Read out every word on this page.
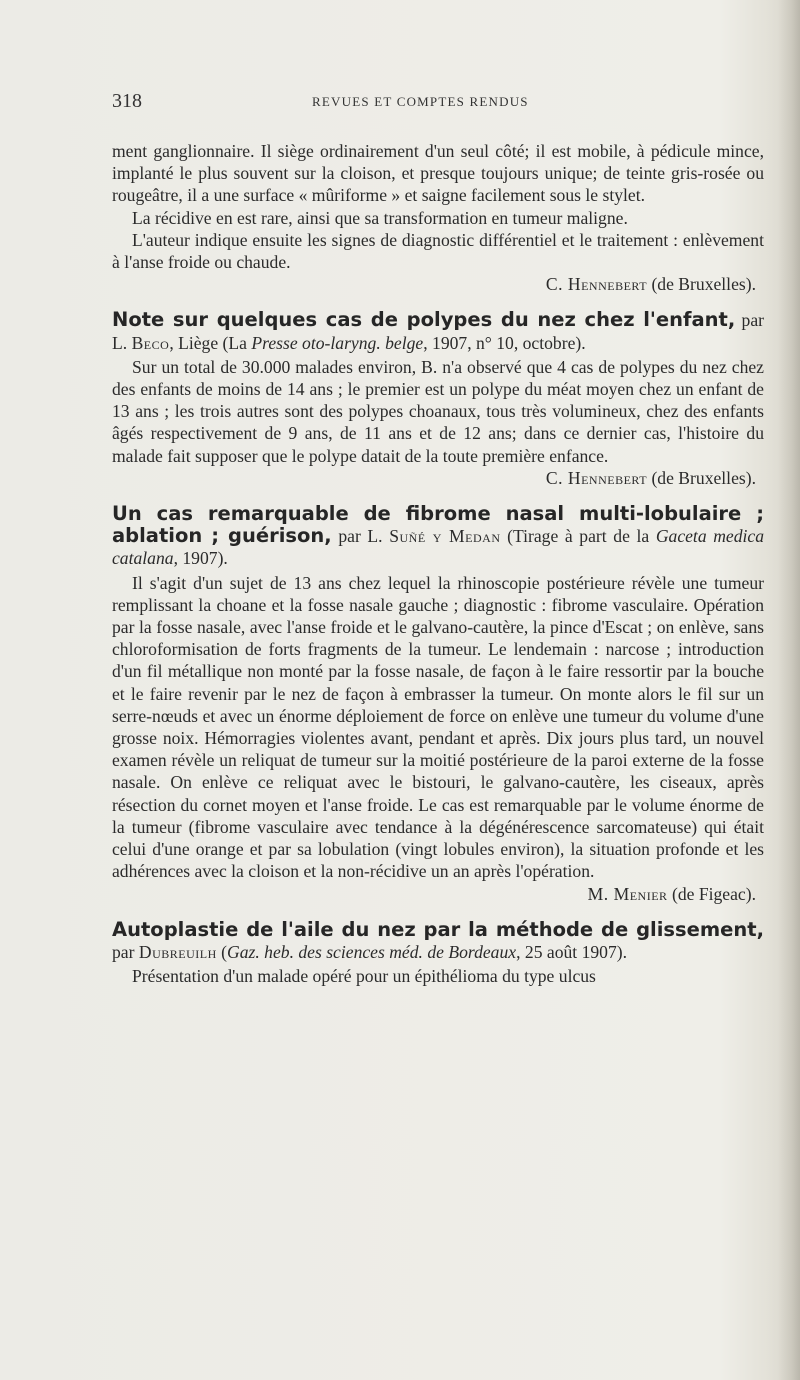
318	REVUES ET COMPTES RENDUS

ment ganglionnaire. Il siège ordinairement d'un seul côté; il est mobile, à pédicule mince, implanté le plus souvent sur la cloison, et presque toujours unique; de teinte gris-rosée ou rougeâtre, il a une surface « mûriforme » et saigne facilement sous le stylet.

La récidive en est rare, ainsi que sa transformation en tumeur maligne.

L'auteur indique ensuite les signes de diagnostic différentiel et le traitement : enlèvement à l'anse froide ou chaude.

C. Hennebert (de Bruxelles).

Note sur quelques cas de polypes du nez chez l'enfant, par L. Beco, Liège (La Presse oto-laryng. belge, 1907, n° 10, octobre).

Sur un total de 30.000 malades environ, B. n'a observé que 4 cas de polypes du nez chez des enfants de moins de 14 ans ; le premier est un polype du méat moyen chez un enfant de 13 ans ; les trois autres sont des polypes choanaux, tous très volumineux, chez des enfants âgés respectivement de 9 ans, de 11 ans et de 12 ans; dans ce dernier cas, l'histoire du malade fait supposer que le polype datait de la toute première enfance.

C. Hennebert (de Bruxelles).

Un cas remarquable de fibrome nasal multi-lobulaire ; ablation ; guérison, par L. Suñé y Medan (Tirage à part de la Gaceta medica catalana, 1907).

Il s'agit d'un sujet de 13 ans chez lequel la rhinoscopie postérieure révèle une tumeur remplissant la choane et la fosse nasale gauche ; diagnostic : fibrome vasculaire. Opération par la fosse nasale, avec l'anse froide et le galvano-cautère, la pince d'Escat ; on enlève, sans chloroformisation de forts fragments de la tumeur. Le lendemain : narcose ; introduction d'un fil métallique non monté par la fosse nasale, de façon à le faire ressortir par la bouche et le faire revenir par le nez de façon à embrasser la tumeur. On monte alors le fil sur un serre-nœuds et avec un énorme déploiement de force on enlève une tumeur du volume d'une grosse noix. Hémorragies violentes avant, pendant et après. Dix jours plus tard, un nouvel examen révèle un reliquat de tumeur sur la moitié postérieure de la paroi externe de la fosse nasale. On enlève ce reliquat avec le bistouri, le galvano-cautère, les ciseaux, après résection du cornet moyen et l'anse froide. Le cas est remarquable par le volume énorme de la tumeur (fibrome vasculaire avec tendance à la dégénérescence sarcomateuse) qui était celui d'une orange et par sa lobulation (vingt lobules environ), la situation profonde et les adhérences avec la cloison et la non-récidive un an après l'opération.

M. Menier (de Figeac).

Autoplastie de l'aile du nez par la méthode de glissement, par Dubreuilh (Gaz. heb. des sciences méd. de Bordeaux, 25 août 1907).

Présentation d'un malade opéré pour un épithélioma du type ulcus
